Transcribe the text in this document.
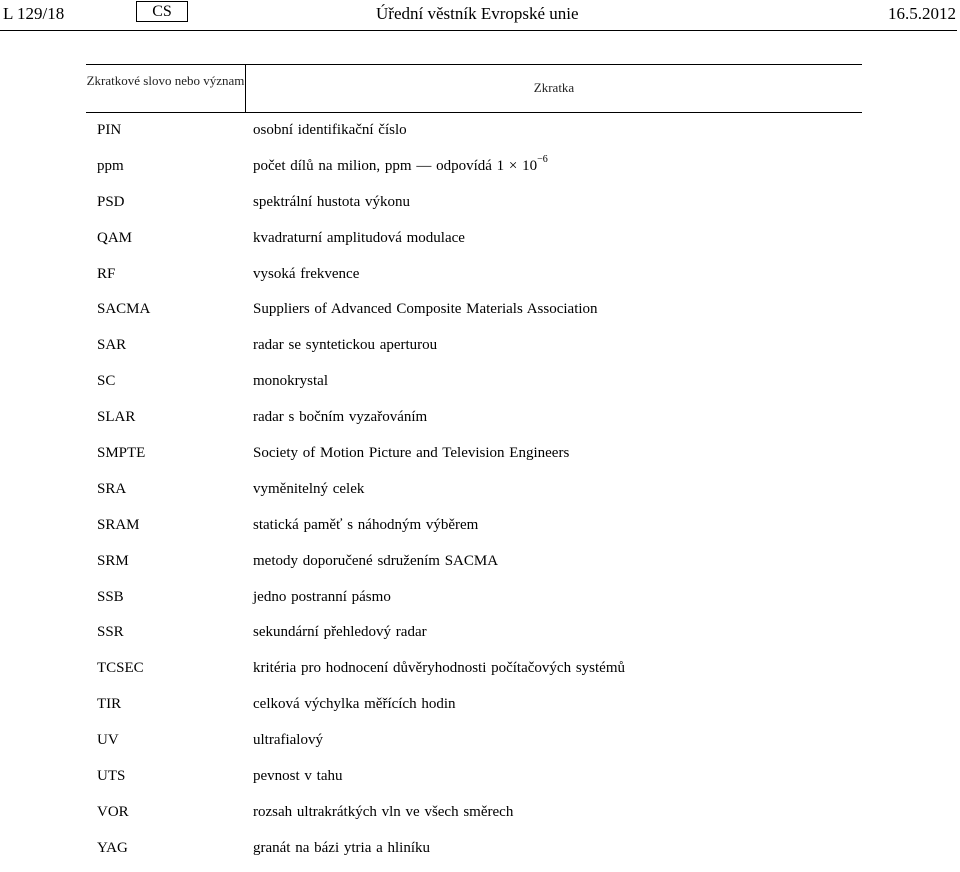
L 129/18	CS	Úřední věstník Evropské unie	16.5.2012
Zkratkové slovo nebo význam	Zkratka
PIN	osobní identifikační číslo
ppm	počet dílů na milion, ppm — odpovídá $1 \times 10^{-6}$
PSD	spektrální hustota výkonu
QAM	kvadraturní amplitudová modulace
RF	vysoká frekvence
SACMA	Suppliers of Advanced Composite Materials Association
SAR	radar se syntetickou aperturou
SC	monokrystal
SLAR	radar s bočním vyzařováním
SMPTE	Society of Motion Picture and Television Engineers
SRA	vyměnitelný celek
SRAM	statická paměť s náhodným výběrem
SRM	metody doporučené sdružením SACMA
SSB	jedno postranní pásmo
SSR	sekundární přehledový radar
TCSEC	kritéria pro hodnocení důvěryhodnosti počítačových systémů
TIR	celková výchylka měřících hodin
UV	ultrafialový
UTS	pevnost v tahu
VOR	rozsah ultrakrátkých vln ve všech směrech
YAG	granát na bázi ytria a hliníku
